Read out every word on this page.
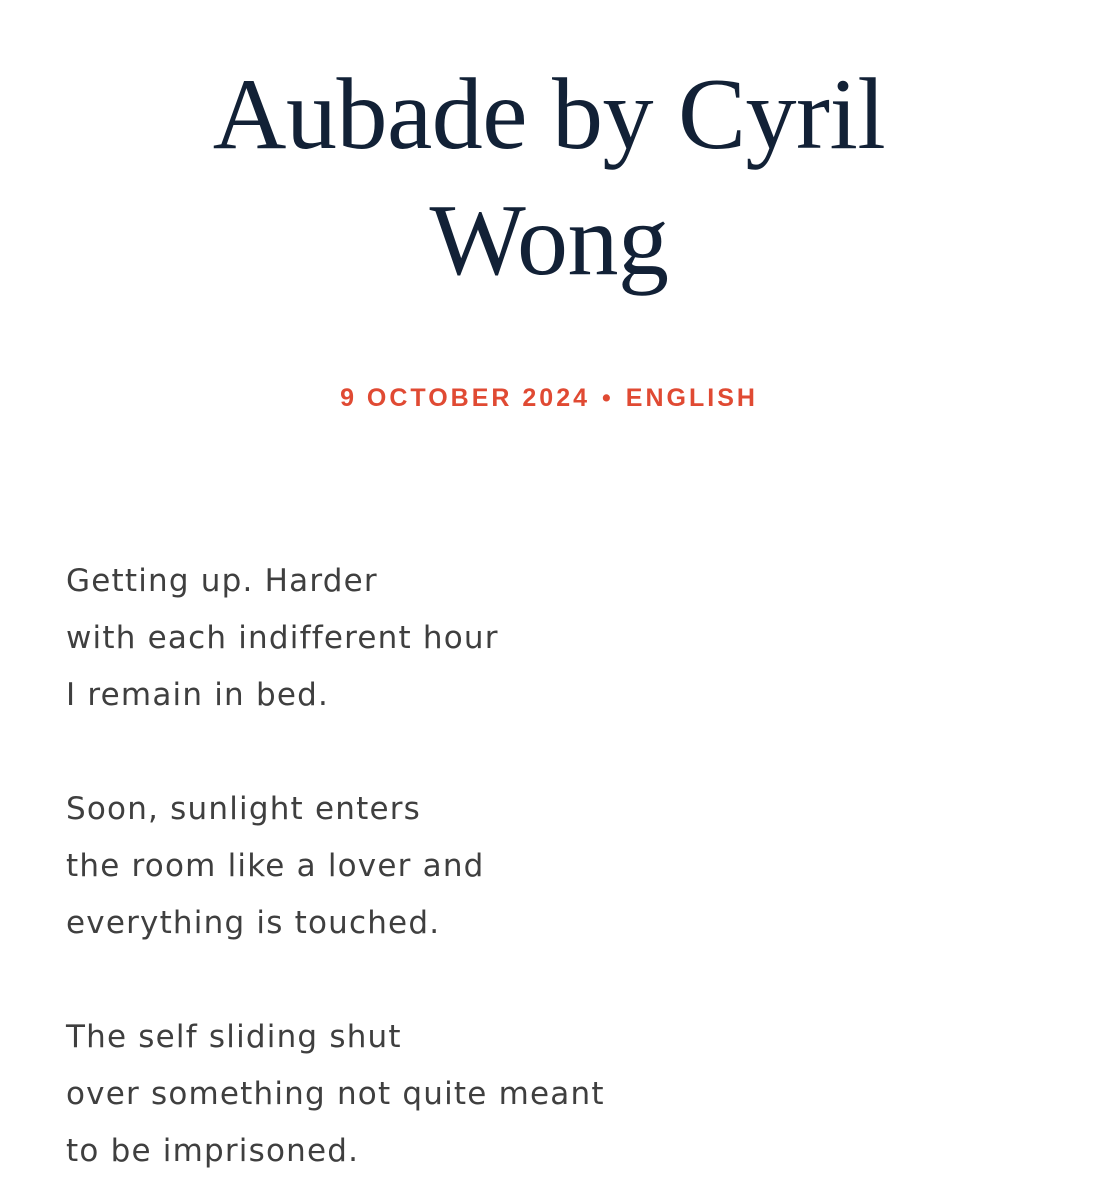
Aubade by Cyril Wong
9 OCTOBER 2024 • ENGLISH
Getting up. Harder
with each indifferent hour
I remain in bed.
Soon, sunlight enters
the room like a lover and
everything is touched.
The self sliding shut
over something not quite meant
to be imprisoned.
